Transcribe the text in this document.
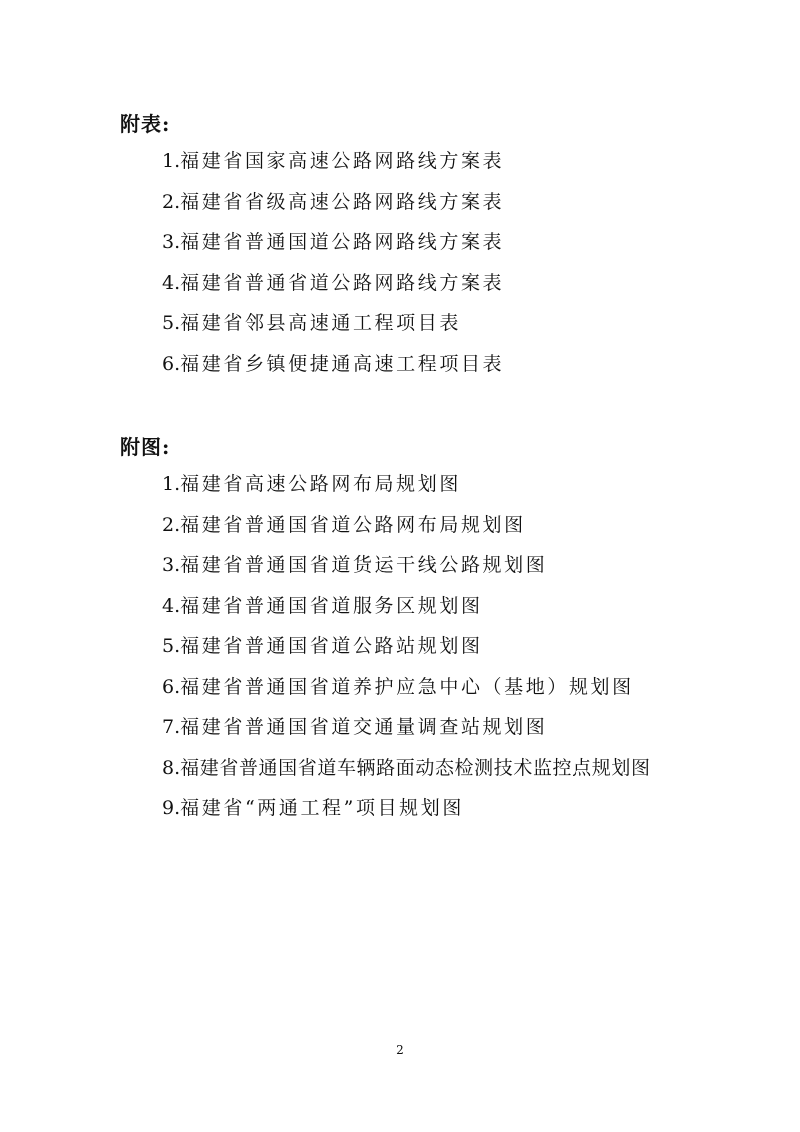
附表:
1.福建省国家高速公路网路线方案表
2.福建省省级高速公路网路线方案表
3.福建省普通国道公路网路线方案表
4.福建省普通省道公路网路线方案表
5.福建省邻县高速通工程项目表
6.福建省乡镇便捷通高速工程项目表
附图:
1.福建省高速公路网布局规划图
2.福建省普通国省道公路网布局规划图
3.福建省普通国省道货运干线公路规划图
4.福建省普通国省道服务区规划图
5.福建省普通国省道公路站规划图
6.福建省普通国省道养护应急中心（基地）规划图
7.福建省普通国省道交通量调查站规划图
8.福建省普通国省道车辆路面动态检测技术监控点规划图
9.福建省“两通工程”项目规划图
2
